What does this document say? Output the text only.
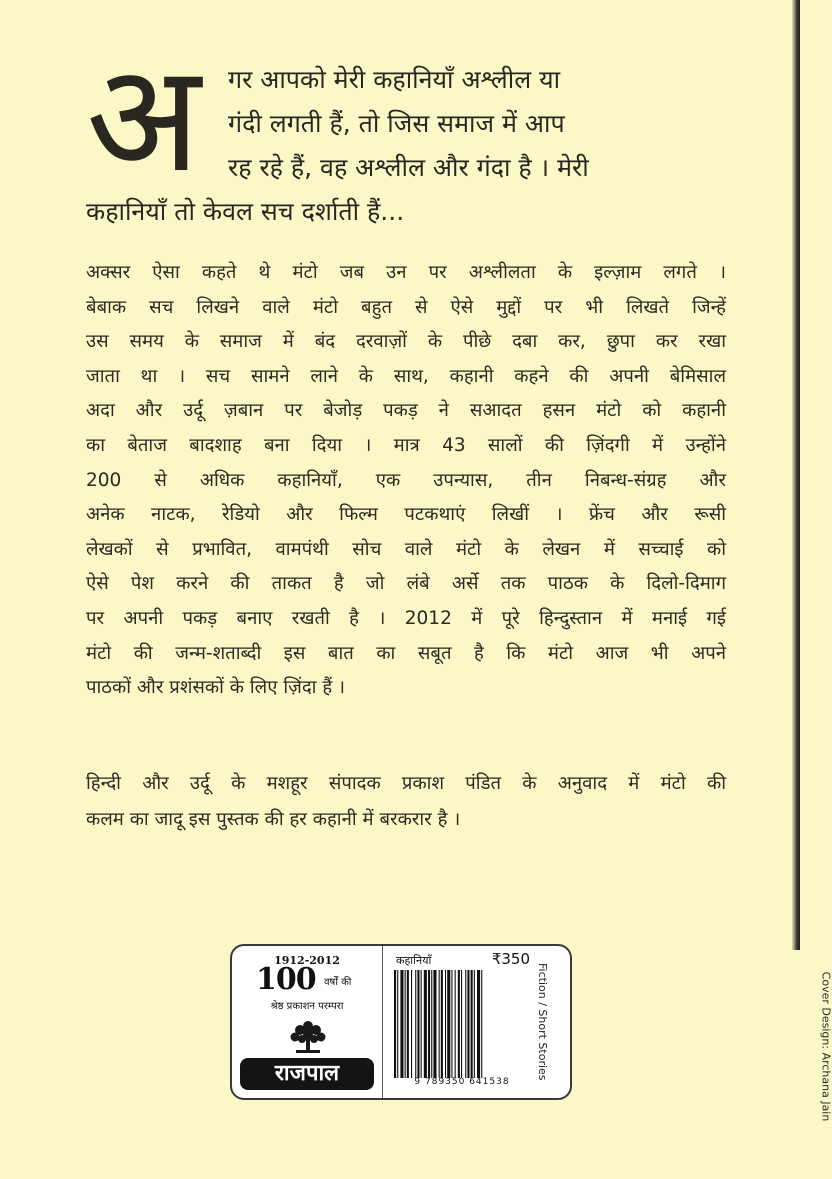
अ गर आपको मेरी कहानियाँ अश्लील या
गंदी लगती हैं, तो जिस समाज में आप
रह रहे हैं, वह अश्लील और गंदा है । मेरी
कहानियाँ तो केवल सच दर्शाती हैं...
अक्सर ऐसा कहते थे मंटो जब उन पर अश्लीलता के इल्ज़ाम लगते ।
बेबाक सच लिखने वाले मंटो बहुत से ऐसे मुद्दों पर भी लिखते जिन्हें
उस समय के समाज में बंद दरवाज़ों के पीछे दबा कर, छुपा कर रखा
जाता था । सच सामने लाने के साथ, कहानी कहने की अपनी बेमिसाल
अदा और उर्दू ज़बान पर बेजोड़ पकड़ ने सआदत हसन मंटो को कहानी
का बेताज बादशाह बना दिया । मात्र 43 सालों की ज़िंदगी में उन्होंने
200 से अधिक कहानियाँ, एक उपन्यास, तीन निबन्ध-संग्रह और
अनेक नाटक, रेडियो और फिल्म पटकथाएं लिखीं । फ्रेंच और रूसी
लेखकों से प्रभावित, वामपंथी सोच वाले मंटो के लेखन में सच्चाई को
ऐसे पेश करने की ताकत है जो लंबे अर्से तक पाठक के दिलो-दिमाग
पर अपनी पकड़ बनाए रखती है । 2012 में पूरे हिन्दुस्तान में मनाई गई
मंटो की जन्म-शताब्दी इस बात का सबूत है कि मंटो आज भी अपने
पाठकों और प्रशंसकों के लिए ज़िंदा हैं ।
हिन्दी और उर्दू के मशहूर संपादक प्रकाश पंडित के अनुवाद में मंटो की
कलम का जादू इस पुस्तक की हर कहानी में बरकरार है ।
1912-2012
100 वर्षों की
श्रेष्ठ प्रकाशन परम्परा
राजपाल
कहानियाँ	₹350
9 789350 641538
Fiction / Short Stories	Cover Design: Archana Jain
